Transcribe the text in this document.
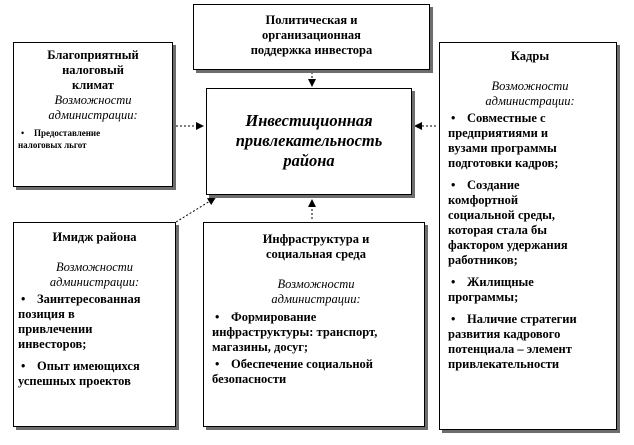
Политическая и
организационная
поддержка инвестора
Благоприятный
налоговый
климат
Возможности
администрации:
• Предоставление
налоговых льгот
Инвестиционная
привлекательность
района
Кадры
Возможности
администрации:
• Совместные с
предприятиями и
вузами программы
подготовки кадров;
• Создание
комфортной
социальной среды,
которая стала бы
фактором удержания
работников;
• Жилищные
программы;
• Наличие стратегии
развития кадрового
потенциала – элемент
привлекательности
Имидж района
Возможности
администрации:
• Заинтересованная
позиция в
привлечении
инвесторов;
• Опыт имеющихся
успешных проектов
Инфраструктура и
социальная среда
Возможности
администрации:
• Формирование
инфраструктуры: транспорт,
магазины, досуг;
• Обеспечение социальной
безопасности
